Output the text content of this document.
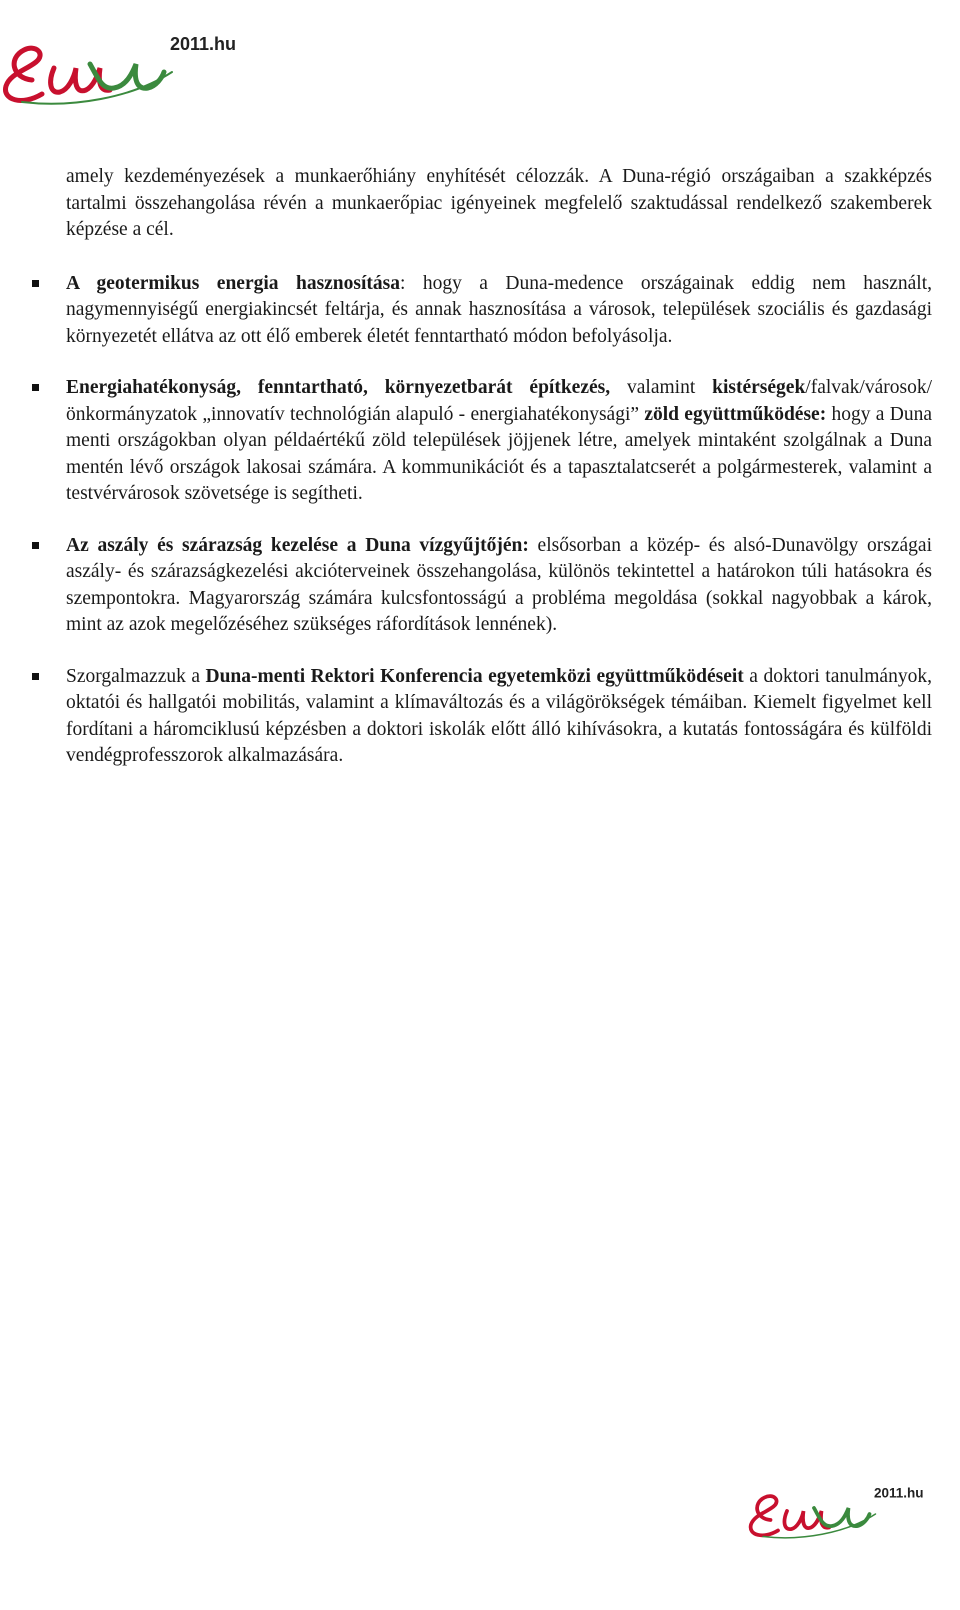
2011.hu

amely kezdeményezések a munkaerőhiány enyhítését célozzák. A Duna-régió országaiban a szakképzés tartalmi összehangolása révén a munkaerőpiac igényeinek megfelelő szaktudással rendelkező szakemberek képzése a cél.

A geotermikus energia hasznosítása: hogy a Duna-medence országainak eddig nem használt, nagymennyiségű energiakincsét feltárja, és annak hasznosítása a városok, települések szociális és gazdasági környezetét ellátva az ott élő emberek életét fenntartható módon befolyásolja.
Energiahatékonyság, fenntartható, környezetbarát építkezés, valamint kistérségek/falvak/városok/önkormányzatok „innovatív technológián alapuló - energiahatékonysági” zöld együttműködése: hogy a Duna menti országokban olyan példaértékű zöld települések jöjjenek létre, amelyek mintaként szolgálnak a Duna mentén lévő országok lakosai számára. A kommunikációt és a tapasztalatcserét a polgármesterek, valamint a testvérvárosok szövetsége is segítheti.
Az aszály és szárazság kezelése a Duna vízgyűjtőjén: elsősorban a közép- és alsó-Dunavölgy országai aszály- és szárazságkezelési akcióterveinek összehangolása, különös tekintettel a határokon túli hatásokra és szempontokra. Magyarország számára kulcsfontosságú a probléma megoldása (sokkal nagyobbak a károk, mint az azok megelőzéséhez szükséges ráfordítások lennének).
Szorgalmazzuk a Duna-menti Rektori Konferencia egyetemközi együttműködéseit a doktori tanulmányok, oktatói és hallgatói mobilitás, valamint a klímaváltozás és a világörökségek témáiban. Kiemelt figyelmet kell fordítani a háromciklusú képzésben a doktori iskolák előtt álló kihívásokra, a kutatás fontosságára és külföldi vendégprofesszorok alkalmazására.
2011.hu
